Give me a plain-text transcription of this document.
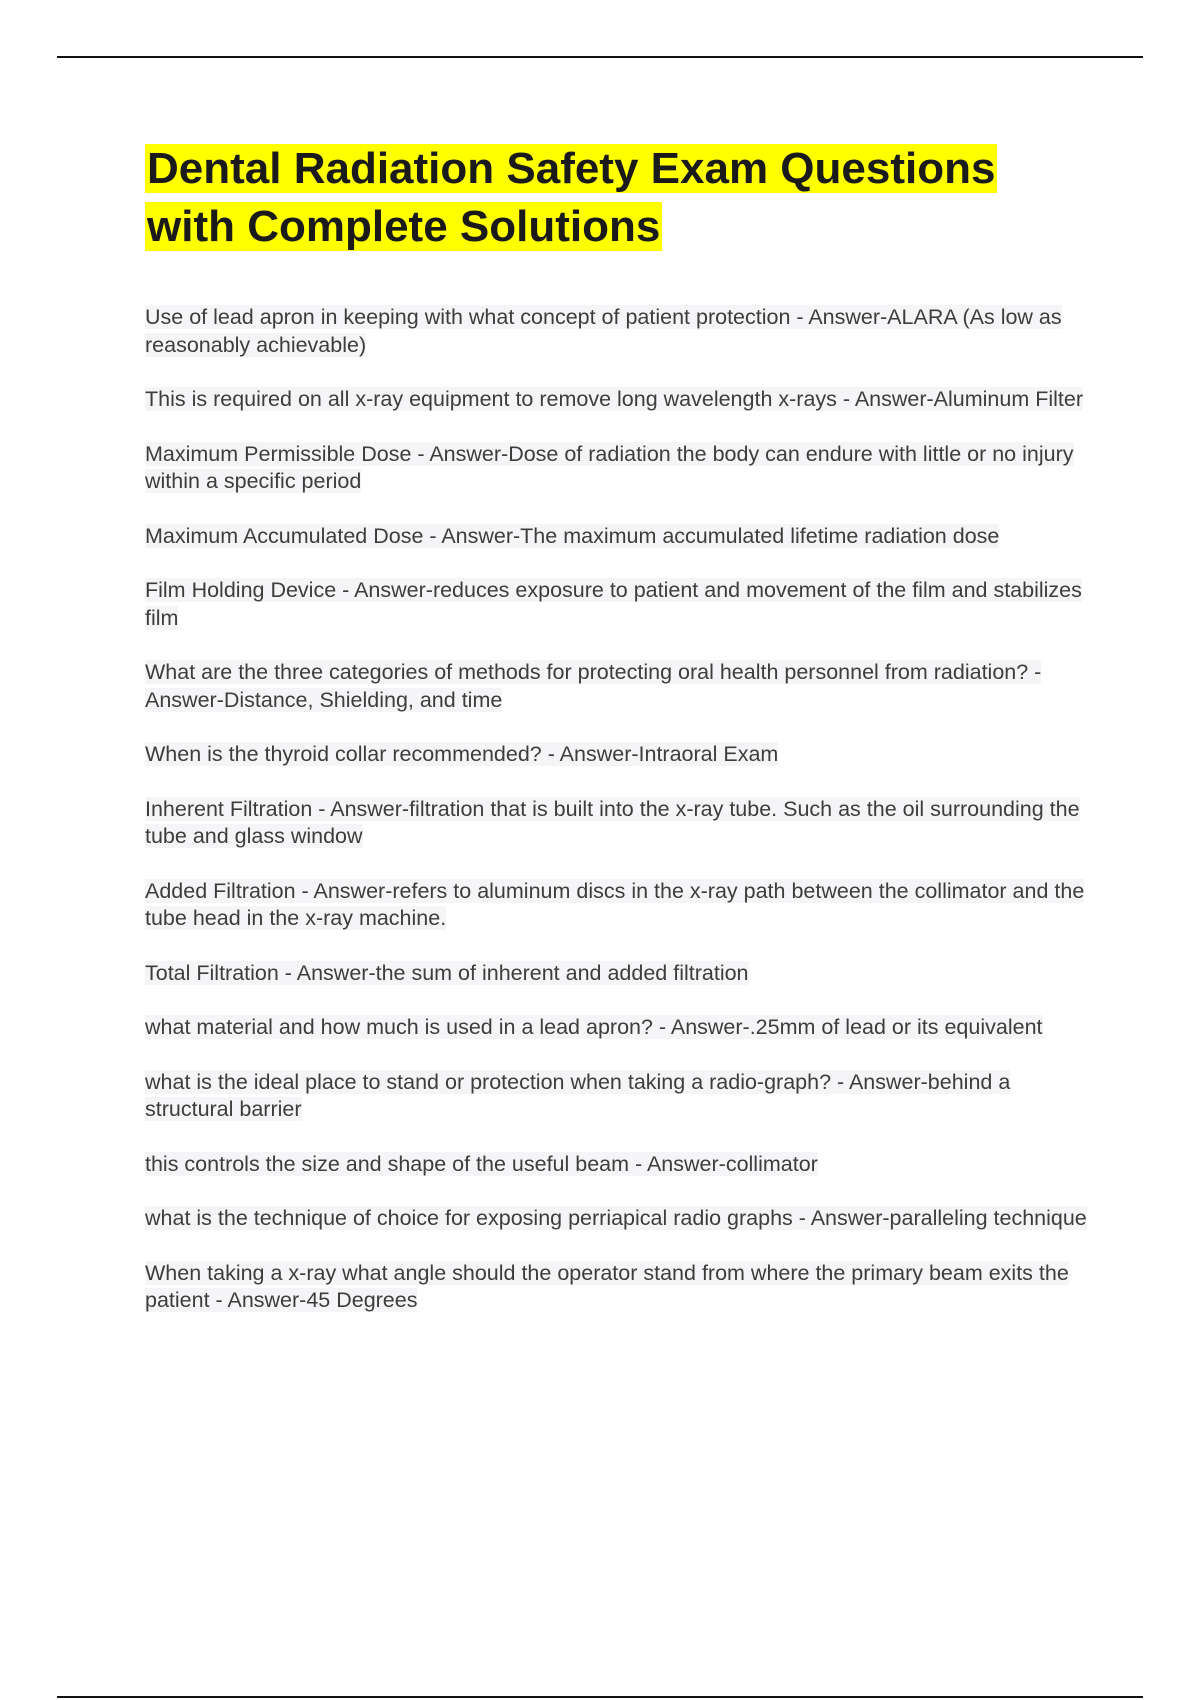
Dental Radiation Safety Exam Questions
with Complete Solutions
Use of lead apron in keeping with what concept of patient protection - Answer-ALARA (As low as reasonably achievable)
This is required on all x-ray equipment to remove long wavelength x-rays - Answer-Aluminum Filter
Maximum Permissible Dose - Answer-Dose of radiation the body can endure with little or no injury within a specific period
Maximum Accumulated Dose - Answer-The maximum accumulated lifetime radiation dose
Film Holding Device - Answer-reduces exposure to patient and movement of the film and stabilizes film
What are the three categories of methods for protecting oral health personnel from radiation? - Answer-Distance, Shielding, and time
When is the thyroid collar recommended? - Answer-Intraoral Exam
Inherent Filtration - Answer-filtration that is built into the x-ray tube. Such as the oil surrounding the tube and glass window
Added Filtration - Answer-refers to aluminum discs in the x-ray path between the collimator and the tube head in the x-ray machine.
Total Filtration - Answer-the sum of inherent and added filtration
what material and how much is used in a lead apron? - Answer-.25mm of lead or its equivalent
what is the ideal place to stand or protection when taking a radio-graph? - Answer-behind a structural barrier
this controls the size and shape of the useful beam - Answer-collimator
what is the technique of choice for exposing perriapical radio graphs - Answer-paralleling technique
When taking a x-ray what angle should the operator stand from where the primary beam exits the patient - Answer-45 Degrees
